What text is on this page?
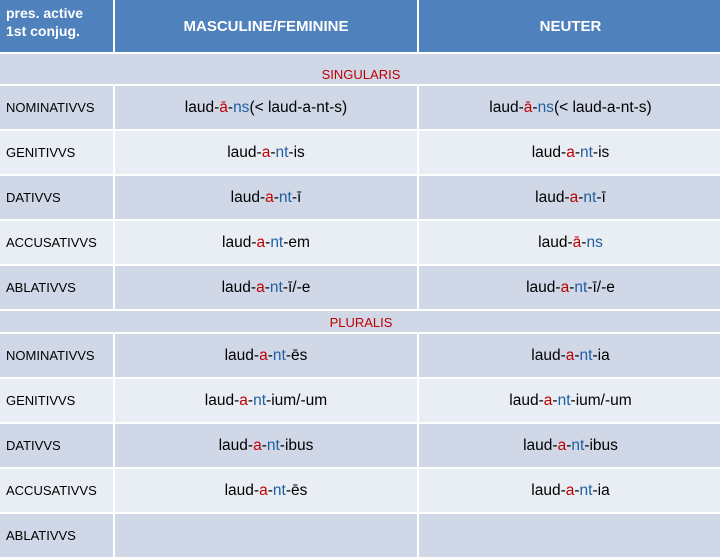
pres. active 1st conjug.	MASCULINE/FEMININE	NEUTER
SINGULARIS
NOMINATIVVS	laud - ā - ns (< laud-a-nt-s)	laud - ā - ns (< laud-a-nt-s)
GENITIVVS	laud - a - nt - is	laud - a - nt - is
DATIVVS	laud - a - nt - ī	laud - a - nt - ī
ACCUSATIVVS	laud - a - nt - em	laud - ā - ns
ABLATIVVS	laud - a - nt - ī/ - e	laud - a - nt - ī/ - e
PLURALIS
NOMINATIVVS	laud - a - nt - ēs	laud - a - nt - ia
GENITIVVS	laud - a - nt - ium/ - um	laud - a - nt - ium/ - um
DATIVVS	laud - a - nt - ibus	laud - a - nt - ibus
ACCUSATIVVS	laud - a - nt - ēs	laud - a - nt - ia
ABLATIVVS
